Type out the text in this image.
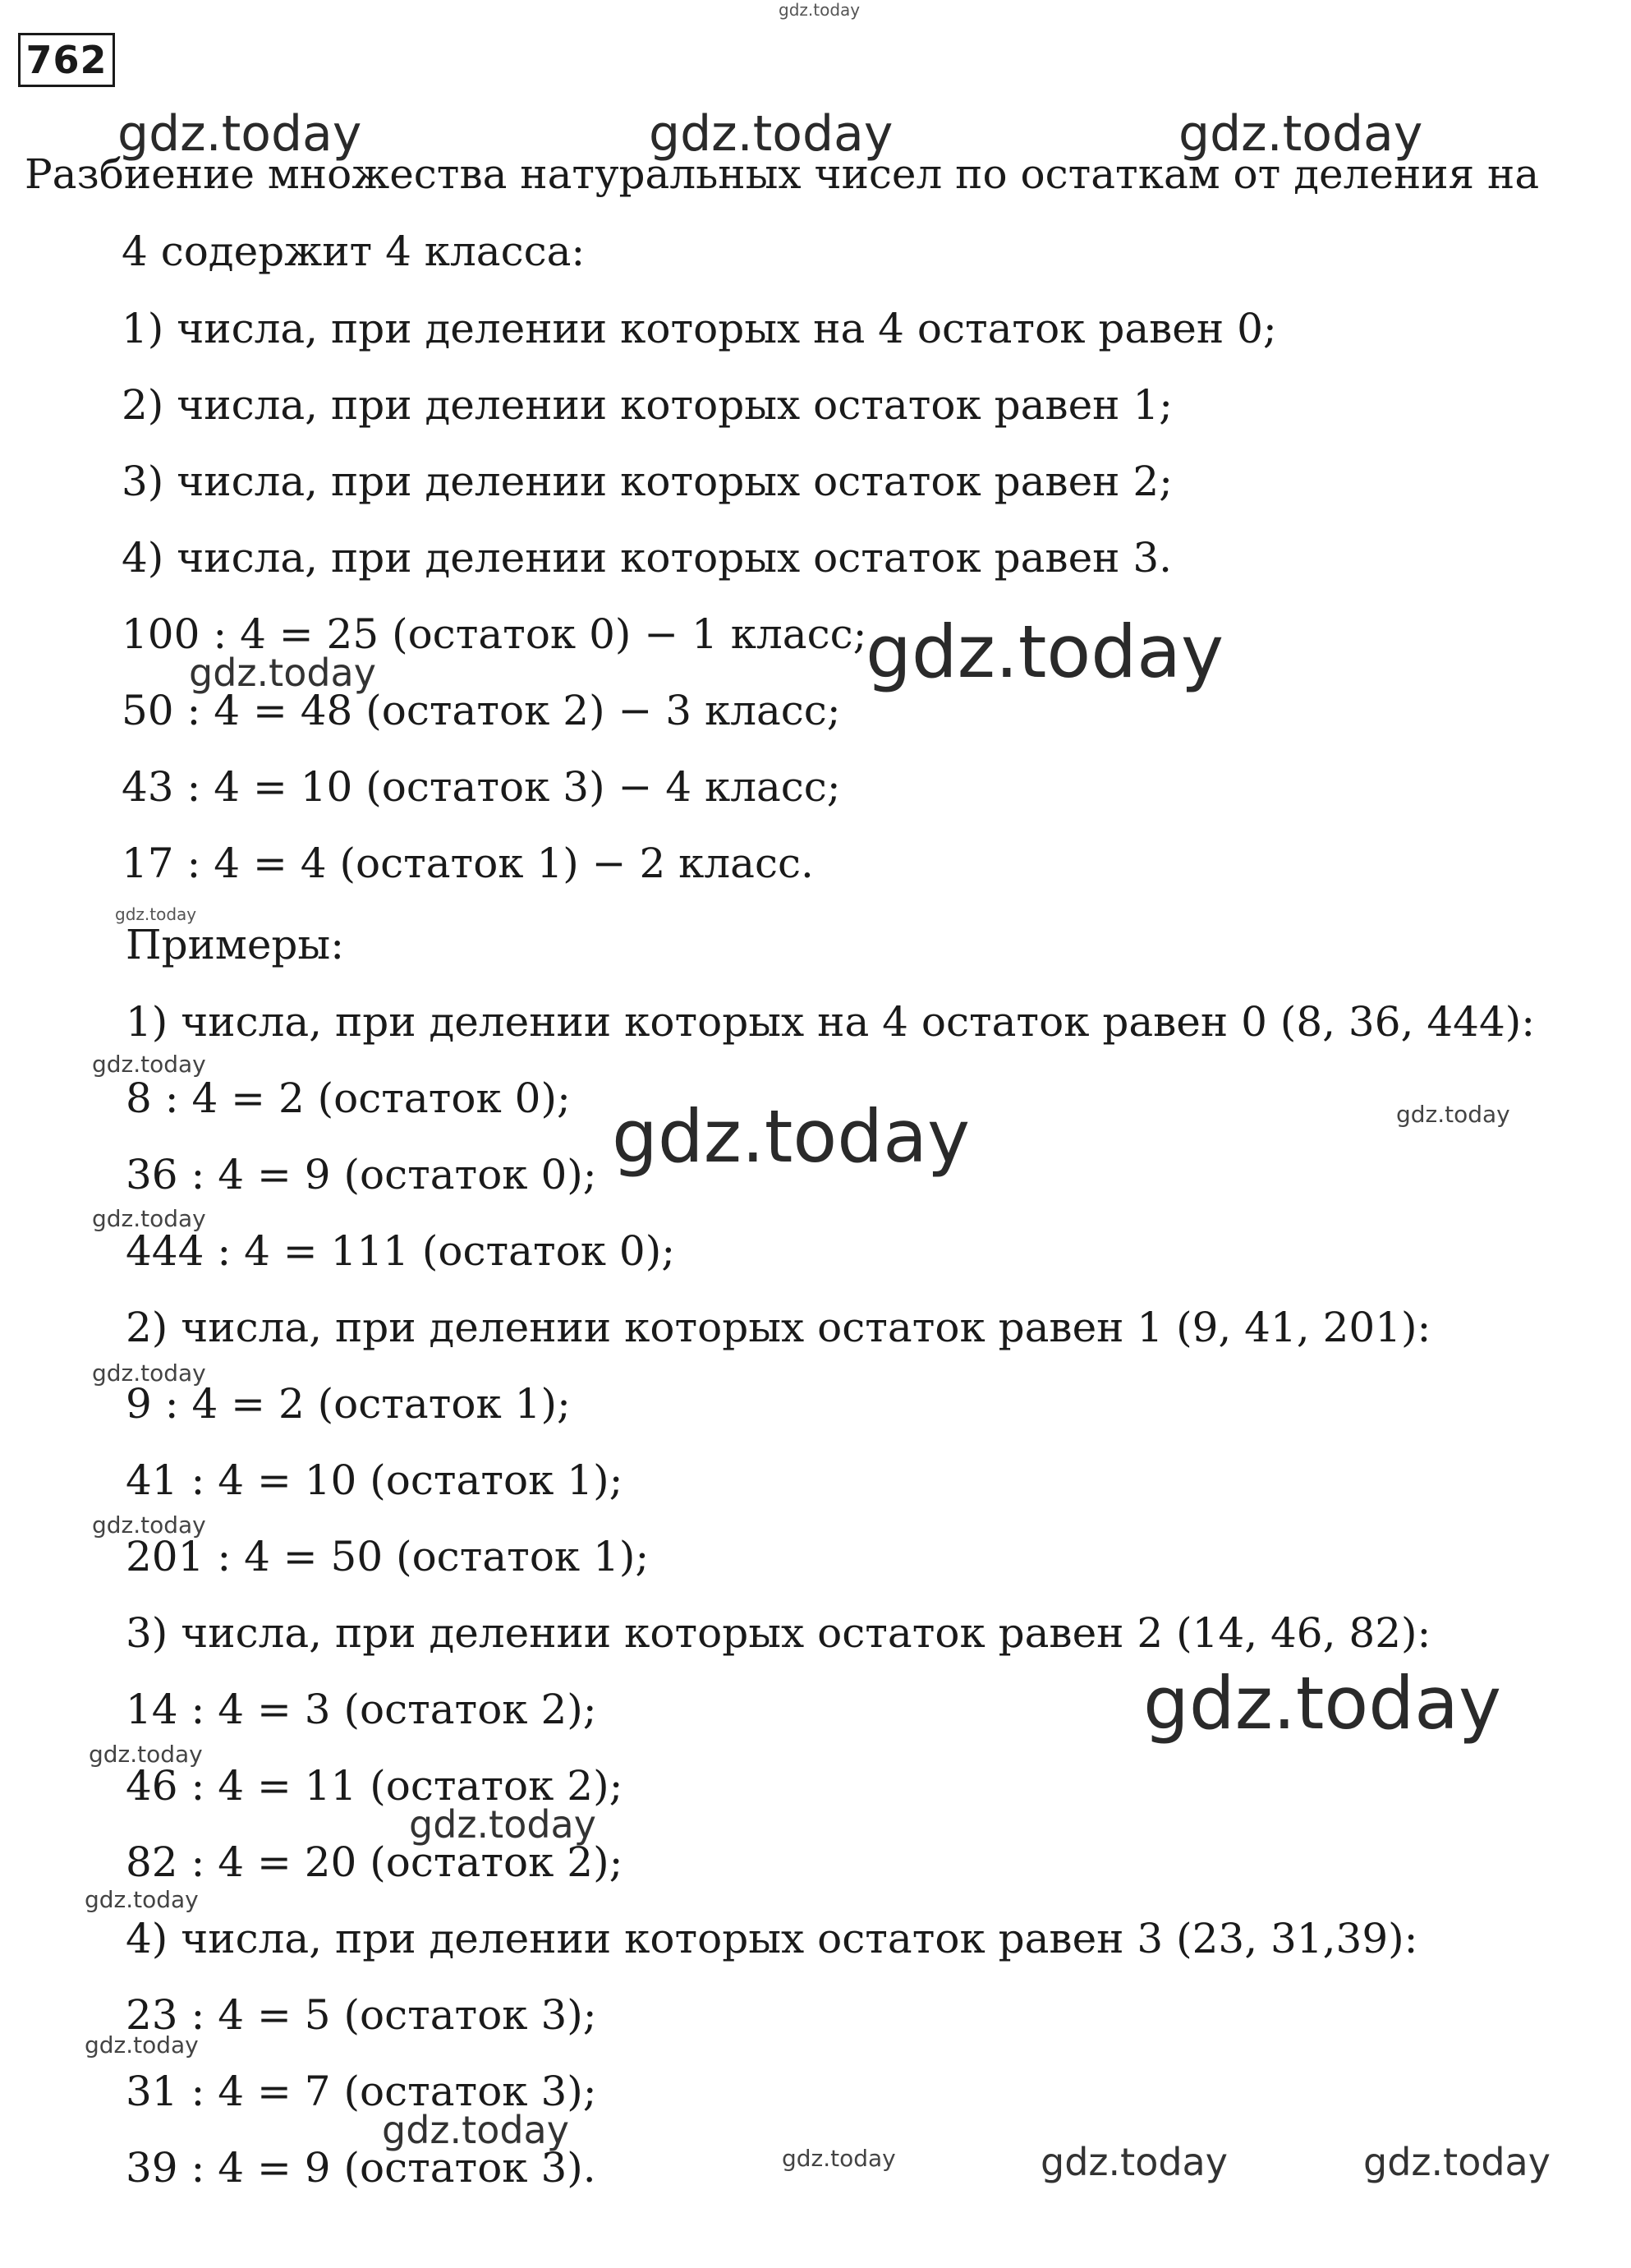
762
Разбиение множества натуральных чисел по остаткам от деления на
4 содержит 4 класса:
1) числа, при делении которых на 4 остаток равен 0;
2) числа, при делении которых остаток равен 1;
3) числа, при делении которых остаток равен 2;
4) числа, при делении которых остаток равен 3.
100 : 4 = 25 (остаток 0) − 1 класс;
50 : 4 = 48 (остаток 2) − 3 класс;
43 : 4 = 10 (остаток 3) − 4 класс;
17 : 4 = 4 (остаток 1) − 2 класс.
Примеры:
1) числа, при делении которых на 4 остаток равен 0 (8, 36, 444):
8 : 4 = 2 (остаток 0);
36 : 4 = 9 (остаток 0);
444 : 4 = 111 (остаток 0);
2) числа, при делении которых остаток равен 1 (9, 41, 201):
9 : 4 = 2 (остаток 1);
41 : 4 = 10 (остаток 1);
201 : 4 = 50 (остаток 1);
3) числа, при делении которых остаток равен 2 (14, 46, 82):
14 : 4 = 3 (остаток 2);
46 : 4 = 11 (остаток 2);
82 : 4 = 20 (остаток 2);
4) числа, при делении которых остаток равен 3 (23, 31,39):
23 : 4 = 5 (остаток 3);
31 : 4 = 7 (остаток 3);
39 : 4 = 9 (остаток 3).
gdz.today
gdz.today	gdz.today	gdz.today
gdz.today
gdz.today
gdz.today
gdz.today
gdz.today
gdz.today
gdz.today
gdz.today
gdz.today
gdz.today
gdz.today
gdz.today
gdz.today
gdz.today
gdz.today
gdz.today	gdz.today	gdz.today
